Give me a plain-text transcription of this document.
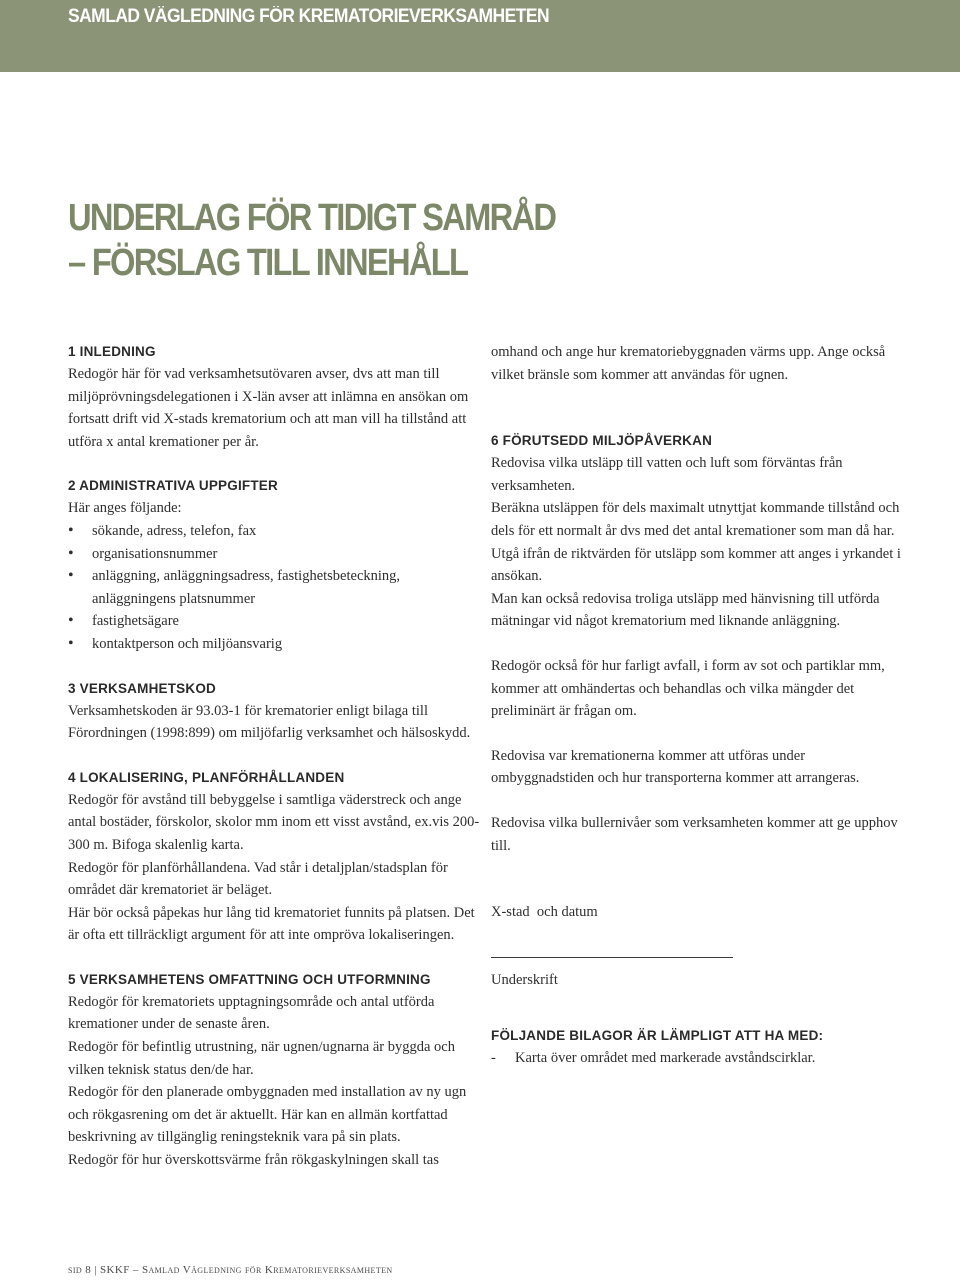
SAMLAD VÄGLEDNING FÖR KREMATORIEVERKSAMHETEN
UNDERLAG FÖR TIDIGT SAMRÅD
– FÖRSLAG TILL INNEHÅLL
1 INLEDNING

Redogör här för vad verksamhetsutövaren avser, dvs att man till miljöprövningsdelegationen i X-län avser att inlämna en ansökan om fortsatt drift vid X-stads krematorium och att man vill ha tillstånd att utföra x antal kremationer per år.

2 ADMINISTRATIVA UPPGIFTER

Här anges följande:

• sökande, adress, telefon, fax
• organisationsnummer
• anläggning, anläggningsadress, fastighetsbeteckning, anläggningens platsnummer
• fastighetsägare
• kontaktperson och miljöansvarig
3 VERKSAMHETSKOD

Verksamhetskoden är 93.03-1 för krematorier enligt bilaga till Förordningen (1998:899) om miljöfarlig verksamhet och hälsoskydd.

4 LOKALISERING, PLANFÖRHÅLLANDEN

Redogör för avstånd till bebyggelse i samtliga väderstreck och ange antal bostäder, förskolor, skolor mm inom ett visst avstånd, ex.vis 200-300 m. Bifoga skalenlig karta.

Redogör för planförhållandena. Vad står i detaljplan/stadsplan för området där krematoriet är beläget.

Här bör också påpekas hur lång tid krematoriet funnits på platsen. Det är ofta ett tillräckligt argument för att inte ompröva lokaliseringen.

5 VERKSAMHETENS OMFATTNING OCH UTFORMNING

Redogör för krematoriets upptagningsområde och antal utförda kremationer under de senaste åren.

Redogör för befintlig utrustning, när ugnen/ugnarna är byggda och vilken teknisk status den/de har.

Redogör för den planerade ombyggnaden med installation av ny ugn och rökgasrening om det är aktuellt. Här kan en allmän kortfattad beskrivning av tillgänglig reningsteknik vara på sin plats.

Redogör för hur överskottsvärme från rökgaskylningen skall tas

omhand och ange hur krematoriebyggnaden värms upp. Ange också vilket bränsle som kommer att användas för ugnen.

6 FÖRUTSEDD MILJÖPÅVERKAN

Redovisa vilka utsläpp till vatten och luft som förväntas från verksamheten.

Beräkna utsläppen för dels maximalt utnyttjat kommande tillstånd och dels för ett normalt år dvs med det antal kremationer som man då har. Utgå ifrån de riktvärden för utsläpp som kommer att anges i yrkandet i ansökan.

Man kan också redovisa troliga utsläpp med hänvisning till utförda mätningar vid något krematorium med liknande anläggning.

Redogör också för hur farligt avfall, i form av sot och partiklar mm, kommer att omhändertas och behandlas och vilka mängder det preliminärt är frågan om.

Redovisa var kremationerna kommer att utföras under ombyggnadstiden och hur transporterna kommer att arrangeras.

Redovisa vilka bullernivåer som verksamheten kommer att ge upphov till.

X-stad  och datum

Underskrift

FÖLJANDE BILAGOR ÄR LÄMPLIGT ATT HA MED:
- Karta över området med markerade avståndscirklar.
sid 8 | SKKF – Samlad Vägledning för Krematorieverksamheten
